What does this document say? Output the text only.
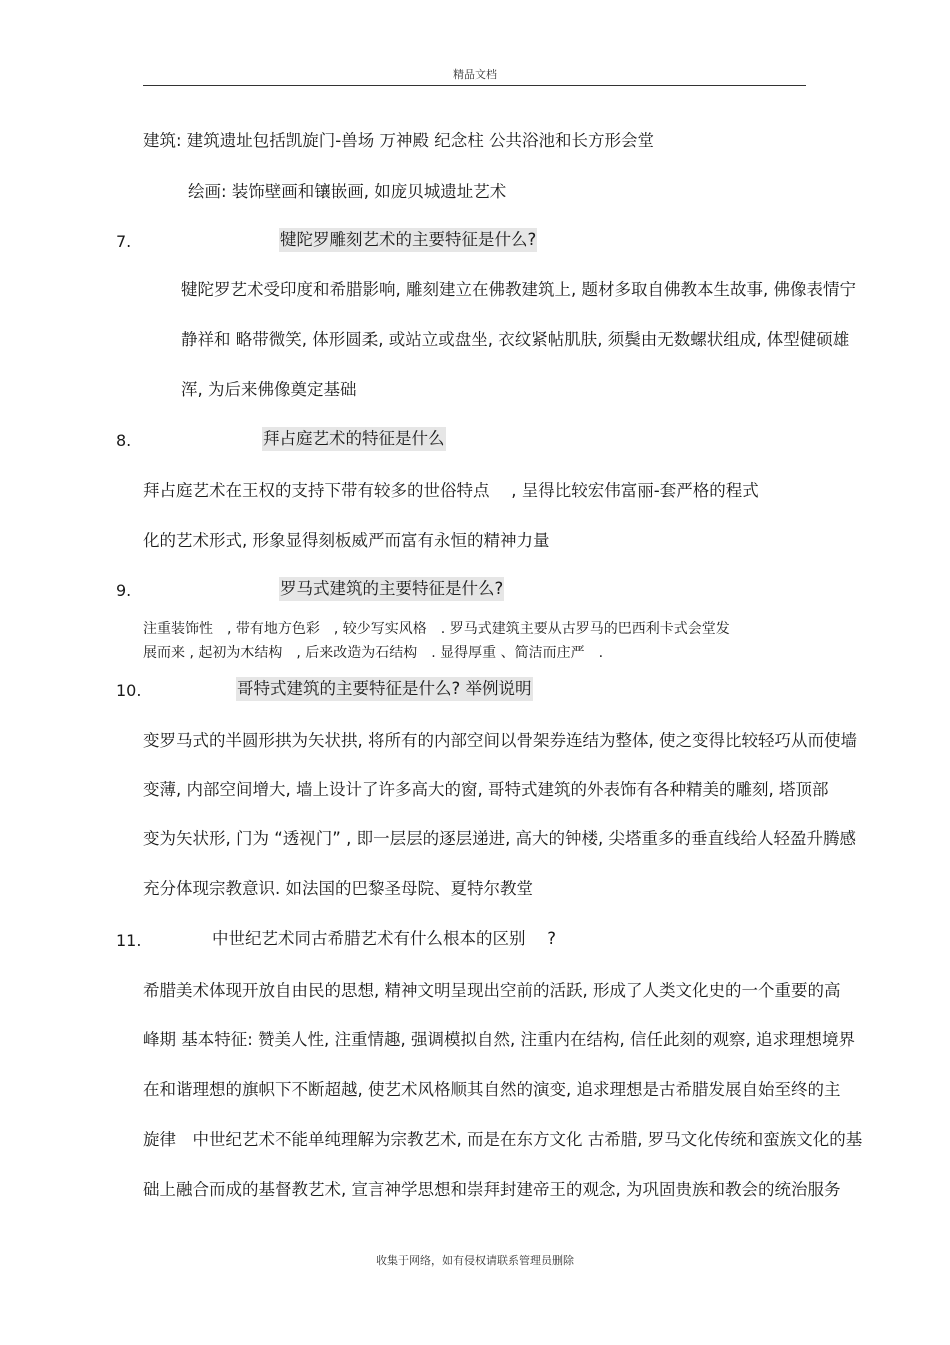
精品文档
建筑: 建筑遗址包括凯旋门-兽场 万神殿 纪念柱 公共浴池和长方形会堂
绘画: 装饰壁画和镶嵌画, 如庞贝城遗址艺术
7.	犍陀罗雕刻艺术的主要特征是什么?
犍陀罗艺术受印度和希腊影响, 雕刻建立在佛教建筑上, 题材多取自佛教本生故事, 佛像表情宁
静祥和 略带微笑, 体形圆柔, 或站立或盘坐, 衣纹紧帖肌肤, 须鬓由无数螺状组成, 体型健硕雄
浑, 为后来佛像奠定基础
8.	拜占庭艺术的特征是什么
拜占庭艺术在王权的支持下带有较多的世俗特点　 , 呈得比较宏伟富丽-套严格的程式
化的艺术形式, 形象显得刻板威严而富有永恒的精神力量
9.	罗马式建筑的主要特征是什么?
注重装饰性　, 带有地方色彩　, 较少写实风格　. 罗马式建筑主要从古罗马的巴西利卡式会堂发
展而来 , 起初为木结构　, 后来改造为石结构　. 显得厚重 、简洁而庄严　.
10.	哥特式建筑的主要特征是什么? 举例说明
变罗马式的半圆形拱为矢状拱, 将所有的内部空间以骨架券连结为整体, 使之变得比较轻巧从而使墙
变薄, 内部空间增大, 墙上设计了许多高大的窗, 哥特式建筑的外表饰有各种精美的雕刻, 塔顶部
变为矢状形, 门为 “透视门” , 即一层层的逐层递进, 高大的钟楼, 尖塔重多的垂直线给人轻盈升腾感
充分体现宗教意识. 如法国的巴黎圣母院、夏特尔教堂
11.	中世纪艺术同古希腊艺术有什么根本的区别　 ?
希腊美术体现开放自由民的思想, 精神文明呈现出空前的活跃, 形成了人类文化史的一个重要的高
峰期 基本特征: 赞美人性, 注重情趣, 强调模拟自然, 注重内在结构, 信任此刻的观察, 追求理想境界
在和谐理想的旗帜下不断超越, 使艺术风格顺其自然的演变, 追求理想是古希腊发展自始至终的主
旋律　中世纪艺术不能单纯理解为宗教艺术, 而是在东方文化 古希腊, 罗马文化传统和蛮族文化的基
础上融合而成的基督教艺术, 宣言神学思想和崇拜封建帝王的观念, 为巩固贵族和教会的统治服务
收集于网络，如有侵权请联系管理员删除
